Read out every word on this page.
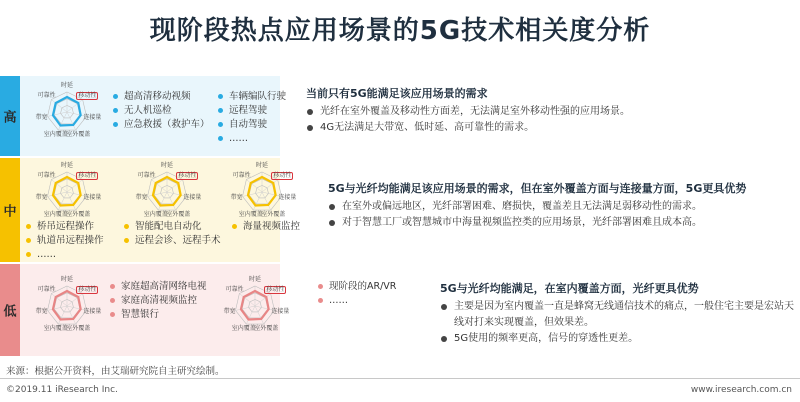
现阶段热点应用场景的5G技术相关度分析
高
时延
移动性
连接量
室外覆盖
室内覆盖
带宽
可靠性	超高清移动视频
无人机巡检
应急救援（救护车）
车辆编队行驶
远程驾驶
自动驾驶
……
当前只有5G能满足该应用场景的需求
光纤在室外覆盖及移动性方面差，无法满足室外移动性强的应用场景。
4G无法满足大带宽、低时延、高可靠性的需求。
中
时延
移动性
连接量
室外覆盖
室内覆盖
带宽
可靠性
时延
移动性
连接量
室外覆盖
室内覆盖
带宽
可靠性
时延
移动性
连接量
室外覆盖
室内覆盖
带宽
可靠性
桥吊远程操作
轨道吊远程操作
……
智能配电自动化
远程会诊、远程手术
海量视频监控
5G与光纤均能满足该应用场景的需求，但在室外覆盖方面与连接量方面，5G更具优势
在室外或偏远地区，光纤部署困难、磨损快，覆盖差且无法满足弱移动性的需求。
对于智慧工厂或智慧城市中海量视频监控类的应用场景，光纤部署困难且成本高。
低
时延
移动性
连接量
室外覆盖
室内覆盖
带宽
可靠性
时延
移动性
连接量
室外覆盖
室内覆盖
带宽
可靠性
家庭超高清网络电视
家庭高清视频监控
智慧银行
现阶段的AR/VR
……
5G与光纤均能满足，在室内覆盖方面，光纤更具优势
主要是因为室内覆盖一直是蜂窝无线通信技术的痛点，一般住宅主要是宏站天线对打来实现覆盖，但效果差。
5G使用的频率更高，信号的穿透性更差。
来源：根据公开资料，由艾瑞研究院自主研究绘制。
©2019.11 iResearch Inc.	www.iresearch.com.cn
